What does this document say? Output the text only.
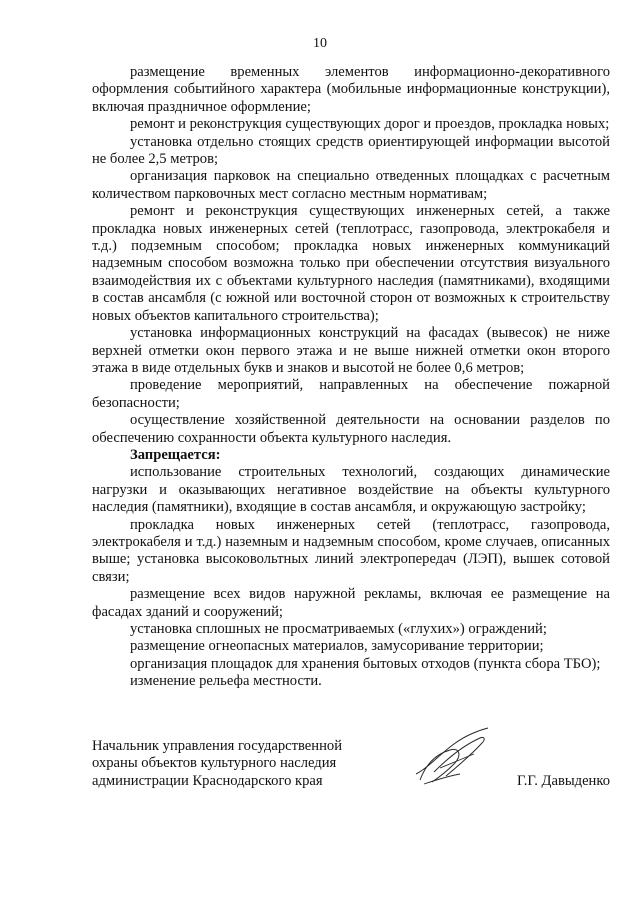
10

размещение временных элементов информационно-декоративного оформления событийного характера (мобильные информационные конструкции), включая праздничное оформление;

ремонт и реконструкция существующих дорог и проездов, прокладка новых;

установка отдельно стоящих средств ориентирующей информации высотой не более 2,5 метров;

организация парковок на специально отведенных площадках с расчетным количеством парковочных мест согласно местным нормативам;

ремонт и реконструкция существующих инженерных сетей, а также прокладка новых инженерных сетей (теплотрасс, газопровода, электрокабеля и т.д.) подземным способом; прокладка новых инженерных коммуникаций надземным способом возможна только при обеспечении отсутствия визуального взаимодействия их с объектами культурного наследия (памятниками), входящими в состав ансамбля (с южной или восточной сторон от возможных к строительству новых объектов капитального строительства);

установка информационных конструкций на фасадах (вывесок) не ниже верхней отметки окон первого этажа и не выше нижней отметки окон второго этажа в виде отдельных букв и знаков и высотой не более 0,6 метров;

проведение мероприятий, направленных на обеспечение пожарной безопасности;

осуществление хозяйственной деятельности на основании разделов по обеспечению сохранности объекта культурного наследия.

Запрещается:

использование строительных технологий, создающих динамические нагрузки и оказывающих негативное воздействие на объекты культурного наследия (памятники), входящие в состав ансамбля, и окружающую застройку;

прокладка новых инженерных сетей (теплотрасс, газопровода, электрокабеля и т.д.) наземным и надземным способом, кроме случаев, описанных выше; установка высоковольтных линий электропередач (ЛЭП), вышек сотовой связи;

размещение всех видов наружной рекламы, включая ее размещение на фасадах зданий и сооружений;

установка сплошных не просматриваемых («глухих») ограждений;

размещение огнеопасных материалов, замусоривание территории;

организация площадок для хранения бытовых отходов (пункта сбора ТБО);

изменение рельефа местности.

Начальник управления государственной
охраны объектов культурного наследия
администрации Краснодарского края	Г.Г. Давыденко
